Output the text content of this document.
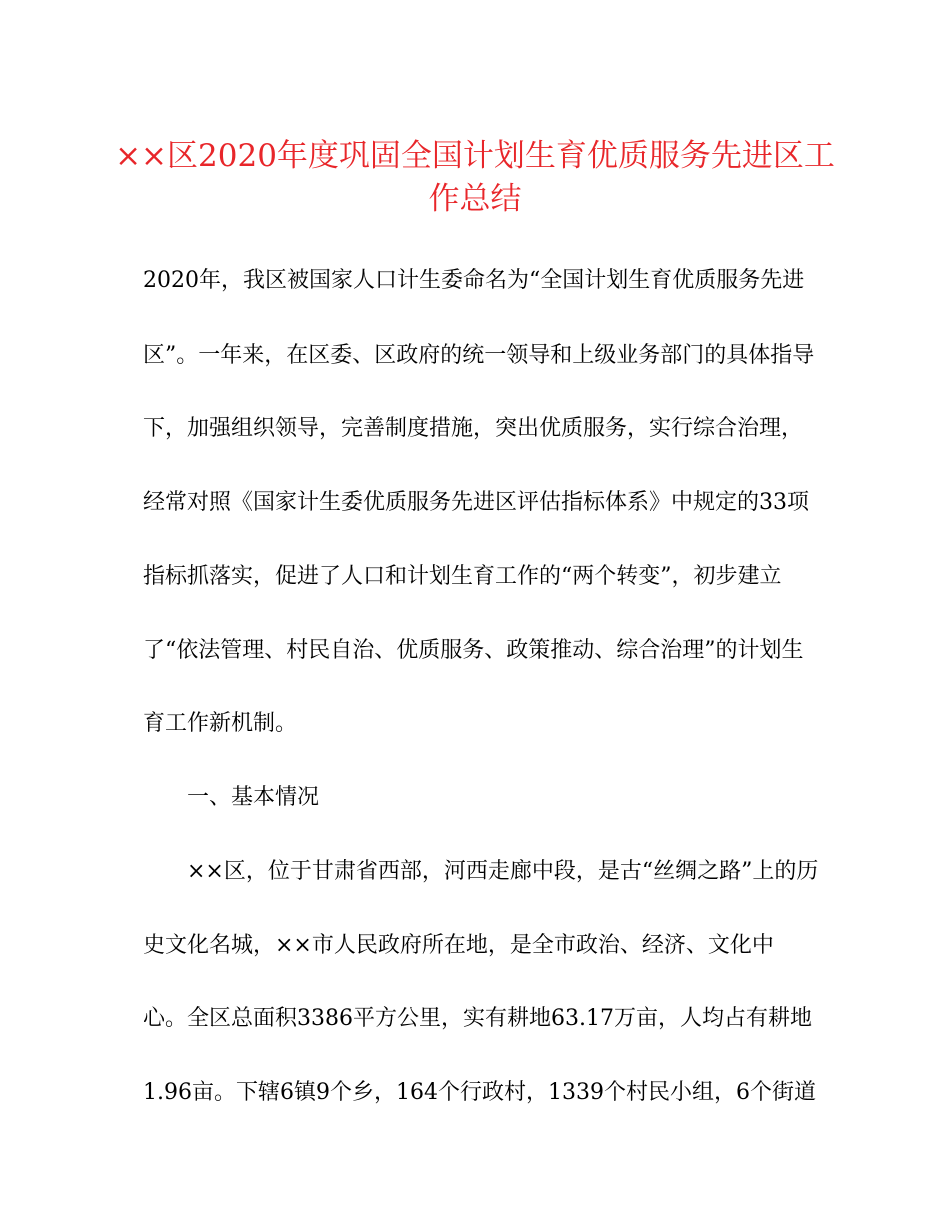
××区2020年度巩固全国计划生育优质服务先进区工
作总结
2020年，我区被国家人口计生委命名为“全国计划生育优质服务先进
区”。一年来，在区委、区政府的统一领导和上级业务部门的具体指导
下，加强组织领导，完善制度措施，突出优质服务，实行综合治理，
经常对照《国家计生委优质服务先进区评估指标体系》中规定的33项
指标抓落实，促进了人口和计划生育工作的“两个转变”，初步建立
了“依法管理、村民自治、优质服务、政策推动、综合治理”的计划生
育工作新机制。
一、基本情况
××区，位于甘肃省西部，河西走廊中段，是古“丝绸之路”上的历
史文化名城，××市人民政府所在地，是全市政治、经济、文化中
心。全区总面积3386平方公里，实有耕地63.17万亩，人均占有耕地
1.96亩。下辖6镇9个乡，164个行政村，1339个村民小组，6个街道
